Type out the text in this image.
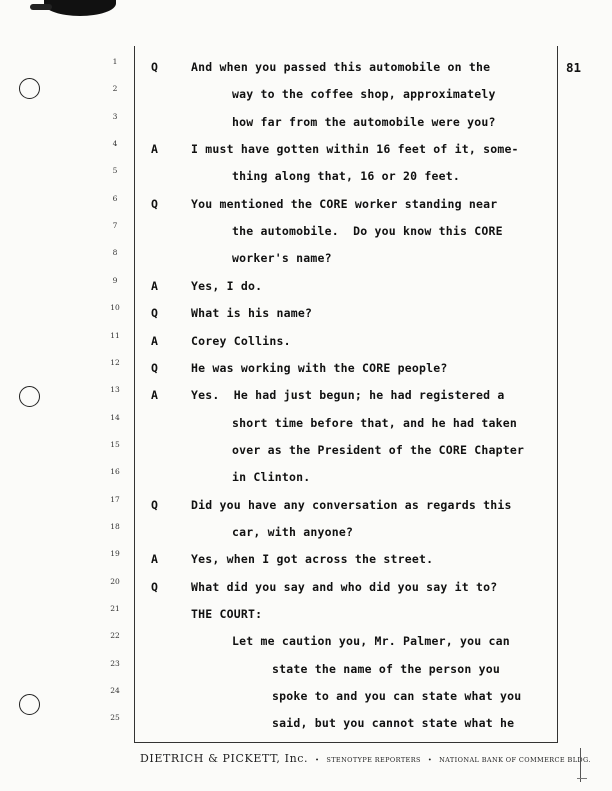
81
1	Q	And when you passed this automobile on the
2	way to the coffee shop, approximately
3	how far from the automobile were you?
4	A	I must have gotten within 16 feet of it, some-
5	thing along that, 16 or 20 feet.
6	Q	You mentioned the CORE worker standing near
7	the automobile.  Do you know this CORE
8	worker's name?
9	A	Yes, I do.
10	Q	What is his name?
11	A	Corey Collins.
12	Q	He was working with the CORE people?
13	A	Yes.  He had just begun; he had registered a
14	short time before that, and he had taken
15	over as the President of the CORE Chapter
16	in Clinton.
17	Q	Did you have any conversation as regards this
18	car, with anyone?
19	A	Yes, when I got across the street.
20	Q	What did you say and who did you say it to?
21	THE COURT:
22	Let me caution you, Mr. Palmer, you can
23	state the name of the person you
24	spoke to and you can state what you
25	said, but you cannot state what he
DIETRICH & PICKETT, Inc. • STENOTYPE REPORTERS • NATIONAL BANK OF COMMERCE BLDG.
